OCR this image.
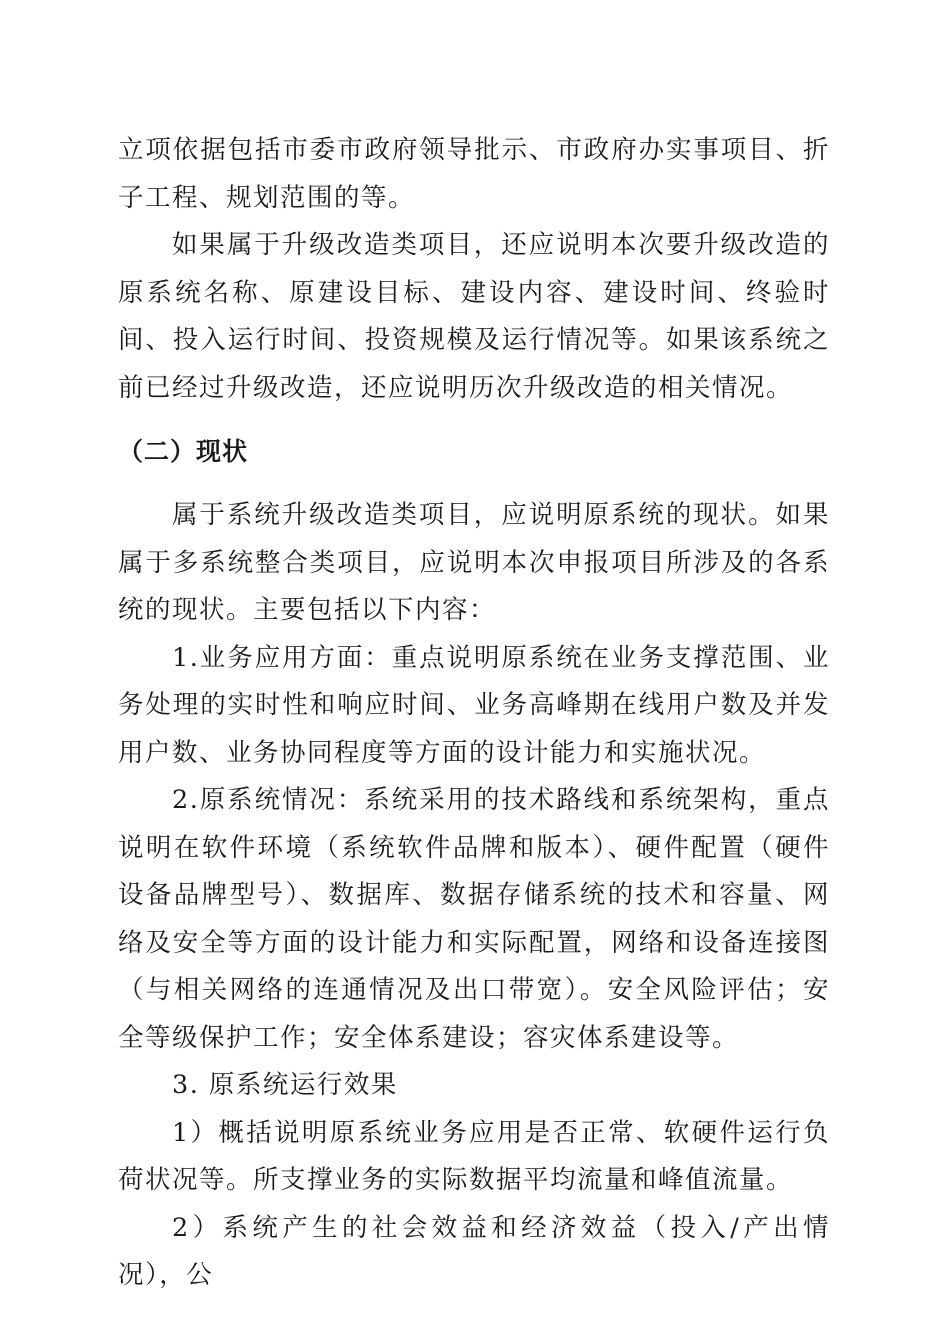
立项依据包括市委市政府领导批示、市政府办实事项目、折子工程、规划范围的等。

如果属于升级改造类项目，还应说明本次要升级改造的原系统名称、原建设目标、建设内容、建设时间、终验时间、投入运行时间、投资规模及运行情况等。如果该系统之前已经过升级改造，还应说明历次升级改造的相关情况。

（二）现状

属于系统升级改造类项目，应说明原系统的现状。如果属于多系统整合类项目，应说明本次申报项目所涉及的各系统的现状。主要包括以下内容：

1.业务应用方面：重点说明原系统在业务支撑范围、业务处理的实时性和响应时间、业务高峰期在线用户数及并发用户数、业务协同程度等方面的设计能力和实施状况。

2.原系统情况：系统采用的技术路线和系统架构，重点说明在软件环境（系统软件品牌和版本）、硬件配置（硬件设备品牌型号）、数据库、数据存储系统的技术和容量、网络及安全等方面的设计能力和实际配置，网络和设备连接图（与相关网络的连通情况及出口带宽）。安全风险评估；安全等级保护工作；安全体系建设；容灾体系建设等。

3. 原系统运行效果

1）概括说明原系统业务应用是否正常、软硬件运行负荷状况等。所支撑业务的实际数据平均流量和峰值流量。

2）系统产生的社会效益和经济效益（投入/产出情况），公
